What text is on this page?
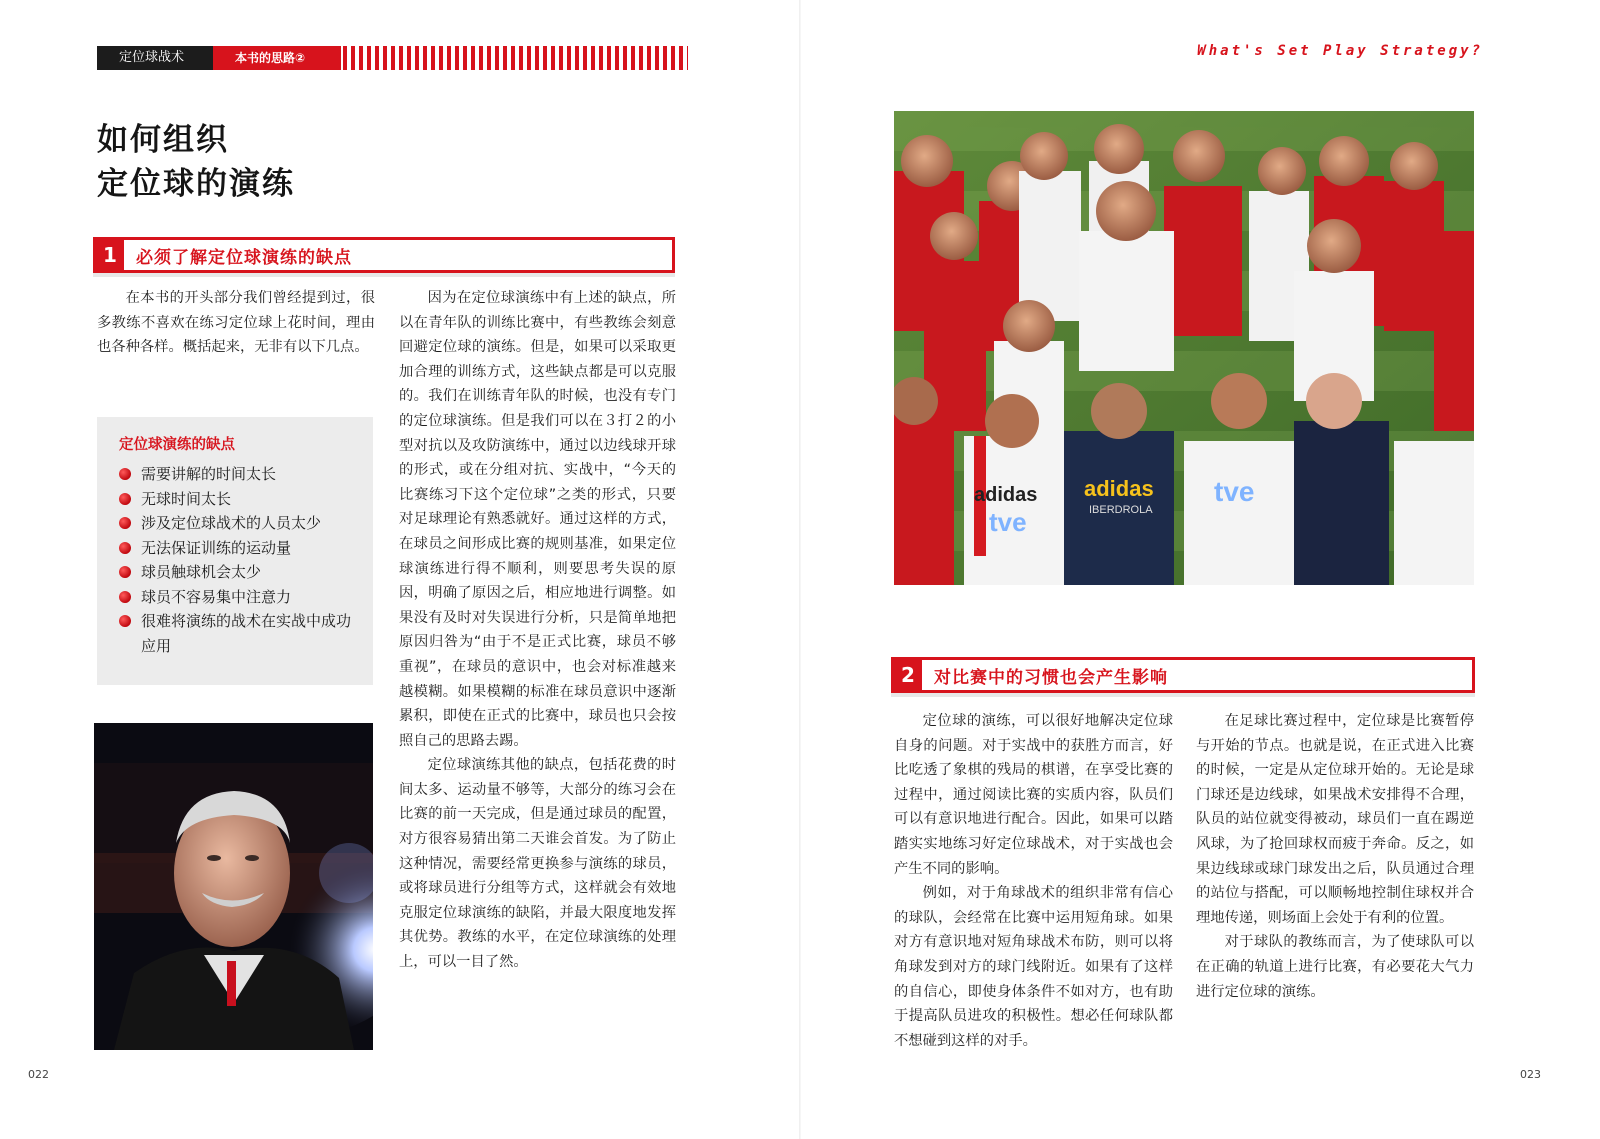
定位球战术	本书的思路②
如何组织
定位球的演练
1	必须了解定位球演练的缺点

在本书的开头部分我们曾经提到过，很多教练不喜欢在练习定位球上花时间，理由也各种各样。概括起来，无非有以下几点。

定位球演练的缺点
需要讲解的时间太长
无球时间太长
涉及定位球战术的人员太少
无法保证训练的运动量
球员触球机会太少
球员不容易集中注意力
很难将演练的战术在实战中成功应用

因为在定位球演练中有上述的缺点，所以在青年队的训练比赛中，有些教练会刻意回避定位球的演练。但是，如果可以采取更加合理的训练方式，这些缺点都是可以克服的。我们在训练青年队的时候，也没有专门的定位球演练。但是我们可以在３打２的小型对抗以及攻防演练中，通过以边线球开球的形式，或在分组对抗、实战中，“今天的比赛练习下这个定位球”之类的形式，只要对足球理论有熟悉就好。通过这样的方式，在球员之间形成比赛的规则基准，如果定位球演练进行得不顺利，则要思考失误的原因，明确了原因之后，相应地进行调整。如果没有及时对失误进行分析，只是简单地把原因归咎为“由于不是正式比赛，球员不够重视”，在球员的意识中，也会对标准越来越模糊。如果模糊的标准在球员意识中逐渐累积，即使在正式的比赛中，球员也只会按照自己的思路去踢。

定位球演练其他的缺点，包括花费的时间太多、运动量不够等，大部分的练习会在比赛的前一天完成，但是通过球员的配置，对方很容易猜出第二天谁会首发。为了防止这种情况，需要经常更换参与演练的球员，或将球员进行分组等方式，这样就会有效地克服定位球演练的缺陷，并最大限度地发挥其优势。教练的水平，在定位球演练的处理上，可以一目了然。

022
What's Set Play Strategy?
adidas
tve
adidas
IBERDROLA
tve
2	对比赛中的习惯也会产生影响

定位球的演练，可以很好地解决定位球自身的问题。对于实战中的获胜方而言，好比吃透了象棋的残局的棋谱，在享受比赛的过程中，通过阅读比赛的实质内容，队员们可以有意识地进行配合。因此，如果可以踏踏实实地练习好定位球战术，对于实战也会产生不同的影响。

例如，对于角球战术的组织非常有信心的球队，会经常在比赛中运用短角球。如果对方有意识地对短角球战术布防，则可以将角球发到对方的球门线附近。如果有了这样的自信心，即使身体条件不如对方，也有助于提高队员进攻的积极性。想必任何球队都不想碰到这样的对手。

在足球比赛过程中，定位球是比赛暂停与开始的节点。也就是说，在正式进入比赛的时候，一定是从定位球开始的。无论是球门球还是边线球，如果战术安排得不合理，队员的站位就变得被动，球员们一直在踢逆风球，为了抢回球权而疲于奔命。反之，如果边线球或球门球发出之后，队员通过合理的站位与搭配，可以顺畅地控制住球权并合理地传递，则场面上会处于有利的位置。

对于球队的教练而言，为了使球队可以在正确的轨道上进行比赛，有必要花大气力进行定位球的演练。

023
